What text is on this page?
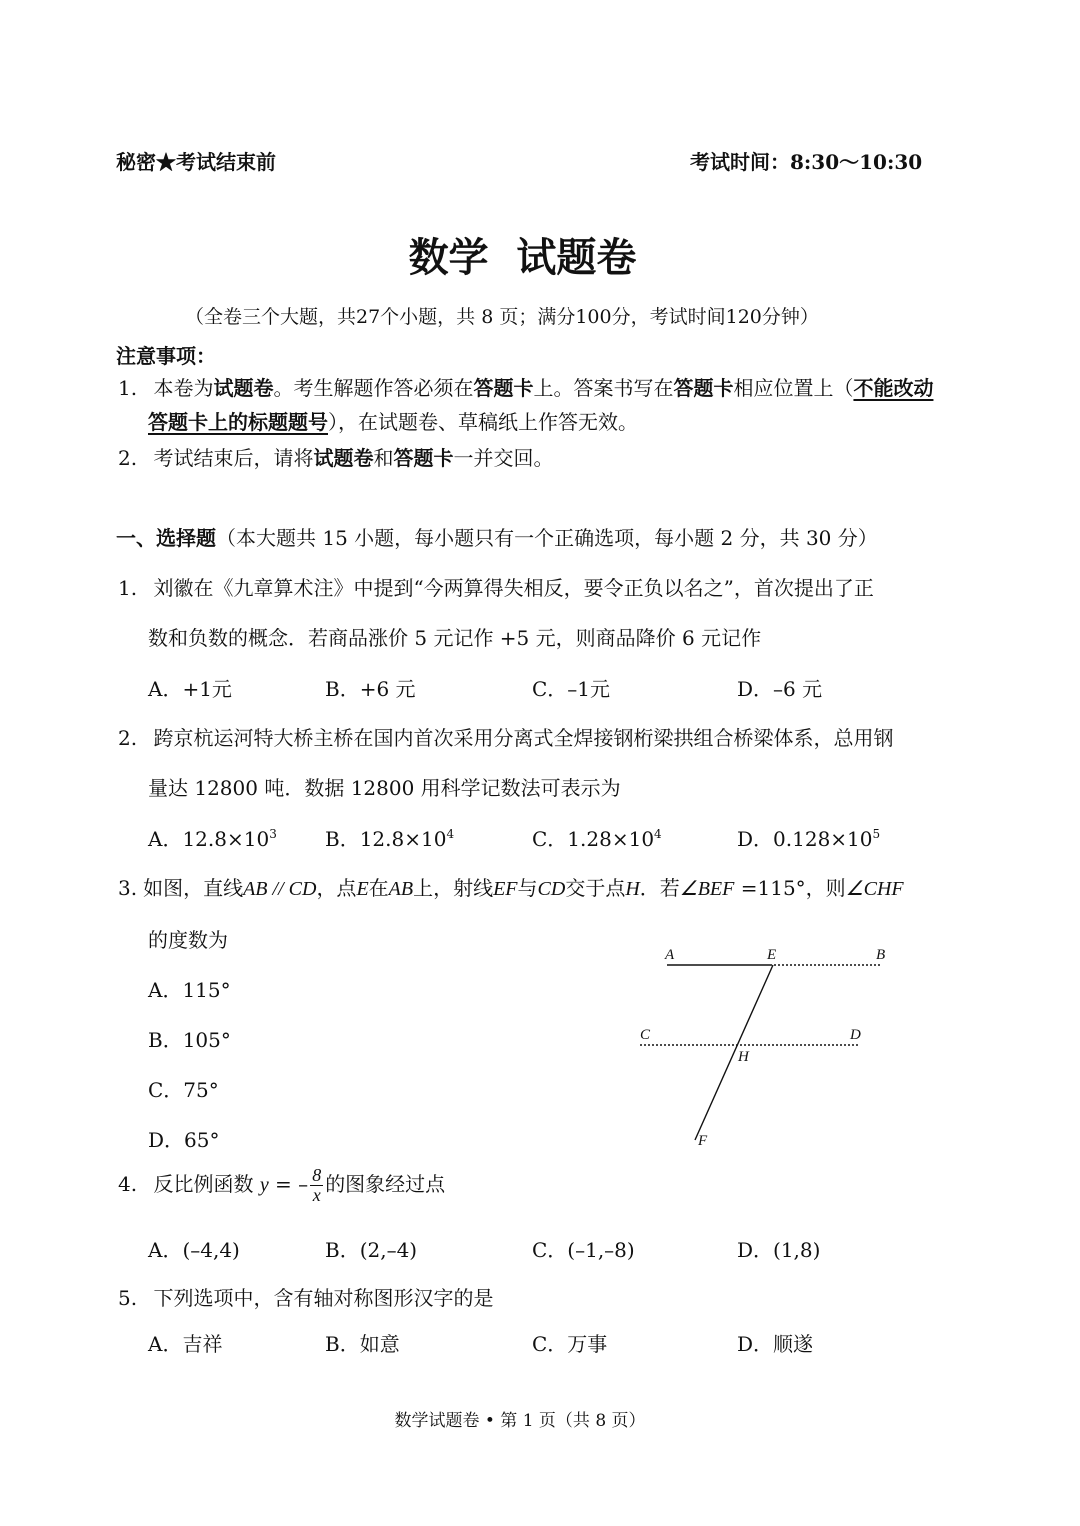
秘密★考试结束前	考试时间：8:30～10:30
数学  试题卷
（全卷三个大题，共27个小题，共 8 页；满分100分，考试时间120分钟）
注意事项：
1. 本卷为试题卷。考生解题作答必须在答题卡上。答案书写在答题卡相应位置上（不能改动
答题卡上的标题题号），在试题卷、草稿纸上作答无效。
2. 考试结束后，请将试题卷和答题卡一并交回。
一、选择题（本大题共 15 小题，每小题只有一个正确选项，每小题 2 分，共 30 分）
1. 刘徽在《九章算术注》中提到“今两算得失相反，要令正负以名之”，首次提出了正
数和负数的概念．若商品涨价 5 元记作 +5 元，则商品降价 6 元记作
A．+1元	B．+6 元	C．–1元	D．–6 元
2. 跨京杭运河特大桥主桥在国内首次采用分离式全焊接钢桁梁拱组合桥梁体系，总用钢
量达 12800 吨．数据 12800 用科学记数法可表示为
A．$12.8\times 10^3$ B．$12.8\times 10^4$	C．$1.28\times 10^4$	D．$0.128\times 10^5$
3. 如图，直线AB // CD，点E在AB上，射线EF与CD交于点H．若∠BEF =115°，则∠CHF
的度数为
A．115°
B．105°
C．75°
D．65°
A	E	B
C	D
H
F
4. 反比例函数 y = – $\frac{8}{x}$ 的图象经过点
A．(–4,4)	B．(2,–4)	C．(–1,–8)	D．(1,8)
5. 下列选项中，含有轴对称图形汉字的是
A．吉祥	B．如意	C．万事	D．顺遂
数学试题卷 • 第 1 页（共 8 页）
